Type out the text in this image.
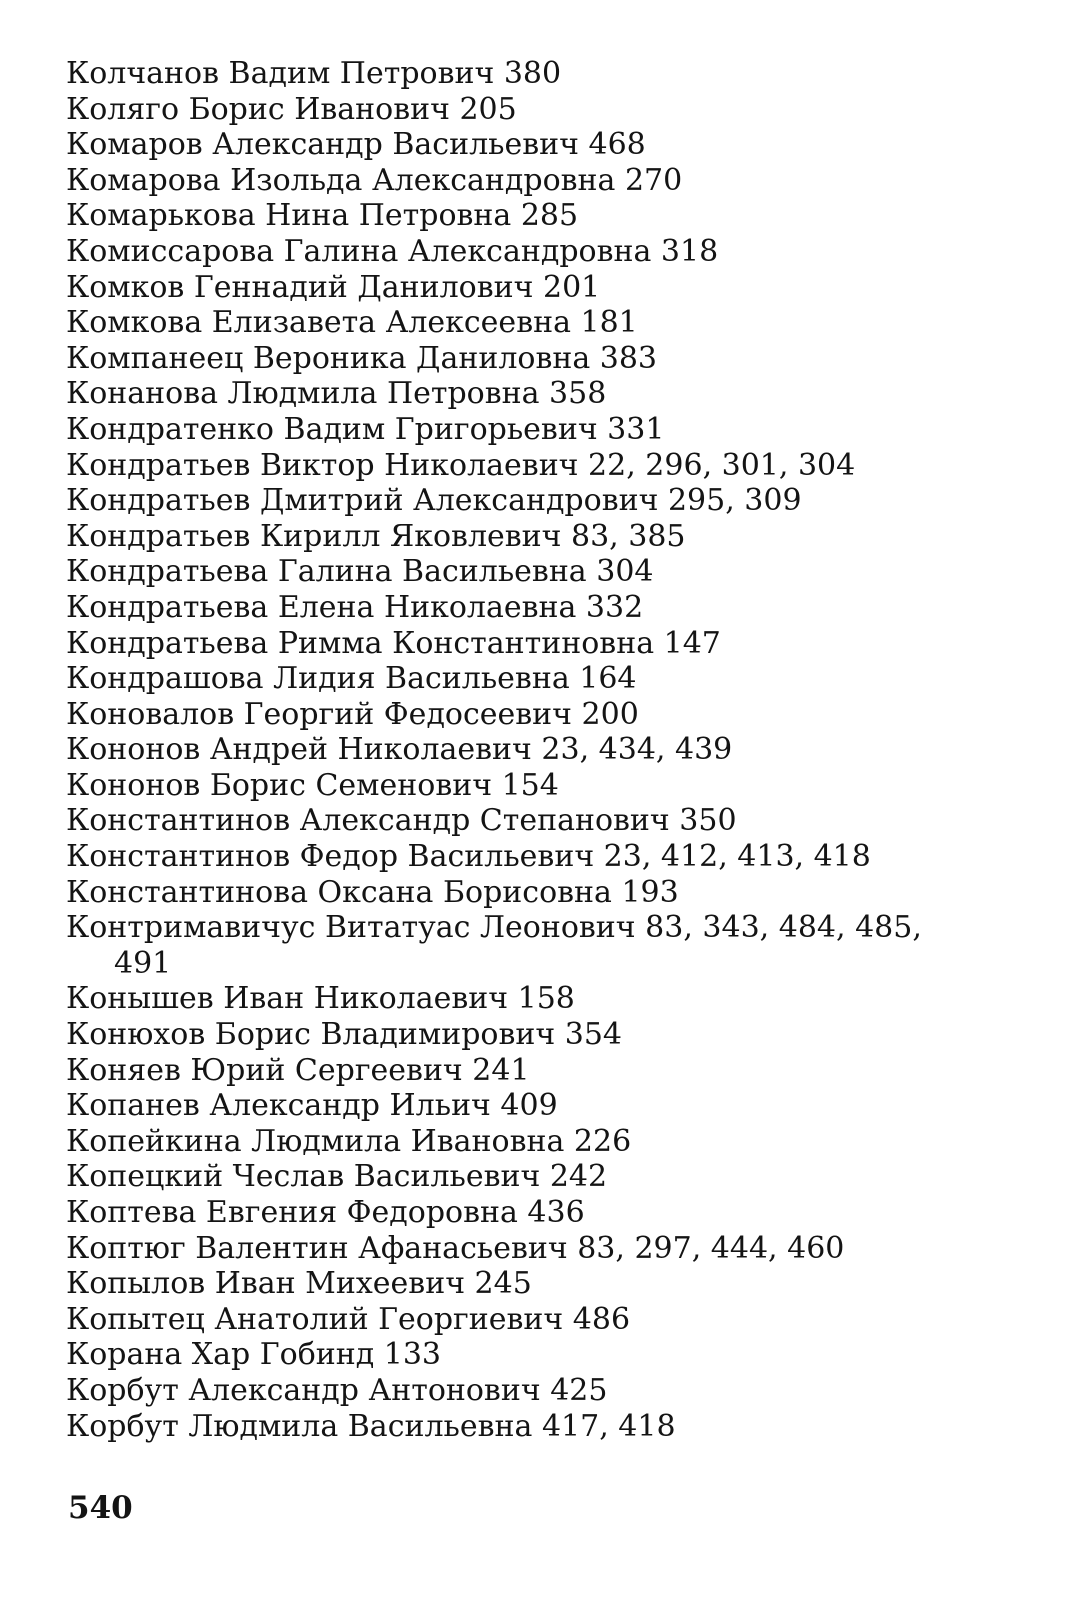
Колчанов Вадим Петрович 380
Коляго Борис Иванович 205
Комаров Александр Васильевич 468
Комарова Изольда Александровна 270
Комарькова Нина Петровна 285
Комиссарова Галина Александровна 318
Комков Геннадий Данилович 201
Комкова Елизавета Алексеевна 181
Компанеец Вероника Даниловна 383
Конанова Людмила Петровна 358
Кондратенко Вадим Григорьевич 331
Кондратьев Виктор Николаевич 22, 296, 301, 304
Кондратьев Дмитрий Александрович 295, 309
Кондратьев Кирилл Яковлевич 83, 385
Кондратьева Галина Васильевна 304
Кондратьева Елена Николаевна 332
Кондратьева Римма Константиновна 147
Кондрашова Лидия Васильевна 164
Коновалов Георгий Федосеевич 200
Кононов Андрей Николаевич 23, 434, 439
Кононов Борис Семенович 154
Константинов Александр Степанович 350
Константинов Федор Васильевич 23, 412, 413, 418
Константинова Оксана Борисовна 193
Контримавичус Витатуас Леонович 83, 343, 484, 485,
491
Конышев Иван Николаевич 158
Конюхов Борис Владимирович 354
Коняев Юрий Сергеевич 241
Копанев Александр Ильич 409
Копейкина Людмила Ивановна 226
Копецкий Чеслав Васильевич 242
Коптева Евгения Федоровна 436
Коптюг Валентин Афанасьевич 83, 297, 444, 460
Копылов Иван Михеевич 245
Копытец Анатолий Георгиевич 486
Корана Хар Гобинд 133
Корбут Александр Антонович 425
Корбут Людмила Васильевна 417, 418
540
